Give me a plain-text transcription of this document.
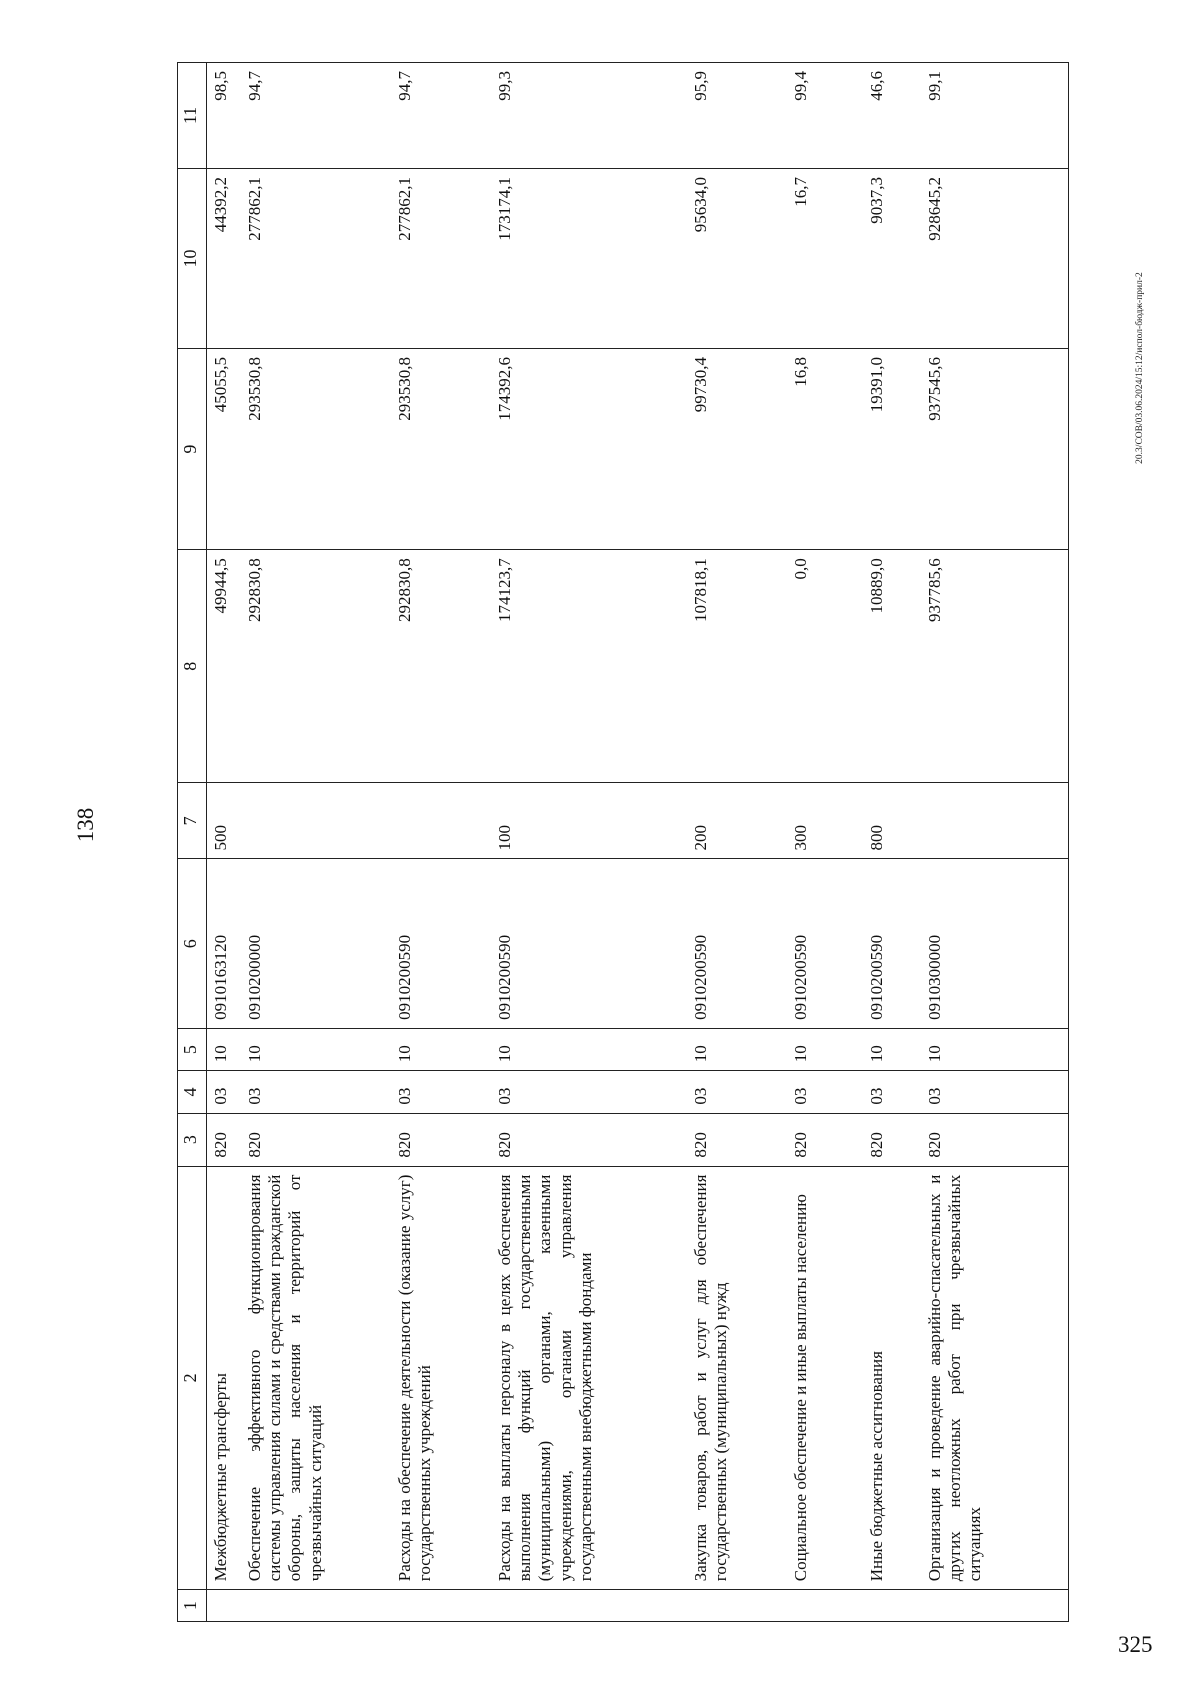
138
325
20.3/СОВ/03.06.2024/15:12/испол-бюдж-прил-2
1	2	3	4	5	6	7	8	9	10	11
	Межбюджетные трансферты	820	03	10	0910163120	500	49944,5	45055,5	44392,2	98,5
	Обеспечение эффективного функционирования системы управления силами и средствами гражданской обороны, защиты населения и территорий от чрезвычайных ситуаций	820	03	10	0910200000		292830,8	293530,8	277862,1	94,7
	Расходы на обеспечение деятельности (оказание услуг) государственных учреждений	820	03	10	0910200590		292830,8	293530,8	277862,1	94,7
	Расходы на выплаты персоналу в целях обеспечения выполнения функций государственными (муниципальными) органами, казенными учреждениями, органами управления государственными внебюджетными фондами	820	03	10	0910200590	100	174123,7	174392,6	173174,1	99,3
	Закупка товаров, работ и услуг для обеспечения государственных (муниципальных) нужд	820	03	10	0910200590	200	107818,1	99730,4	95634,0	95,9
	Социальное обеспечение и иные выплаты населению	820	03	10	0910200590	300	0,0	16,8	16,7	99,4
	Иные бюджетные ассигнования	820	03	10	0910200590	800	10889,0	19391,0	9037,3	46,6
	Организация и проведение аварийно-спасательных и других неотложных работ при чрезвычайных ситуациях	820	03	10	0910300000		937785,6	937545,6	928645,2	99,1
